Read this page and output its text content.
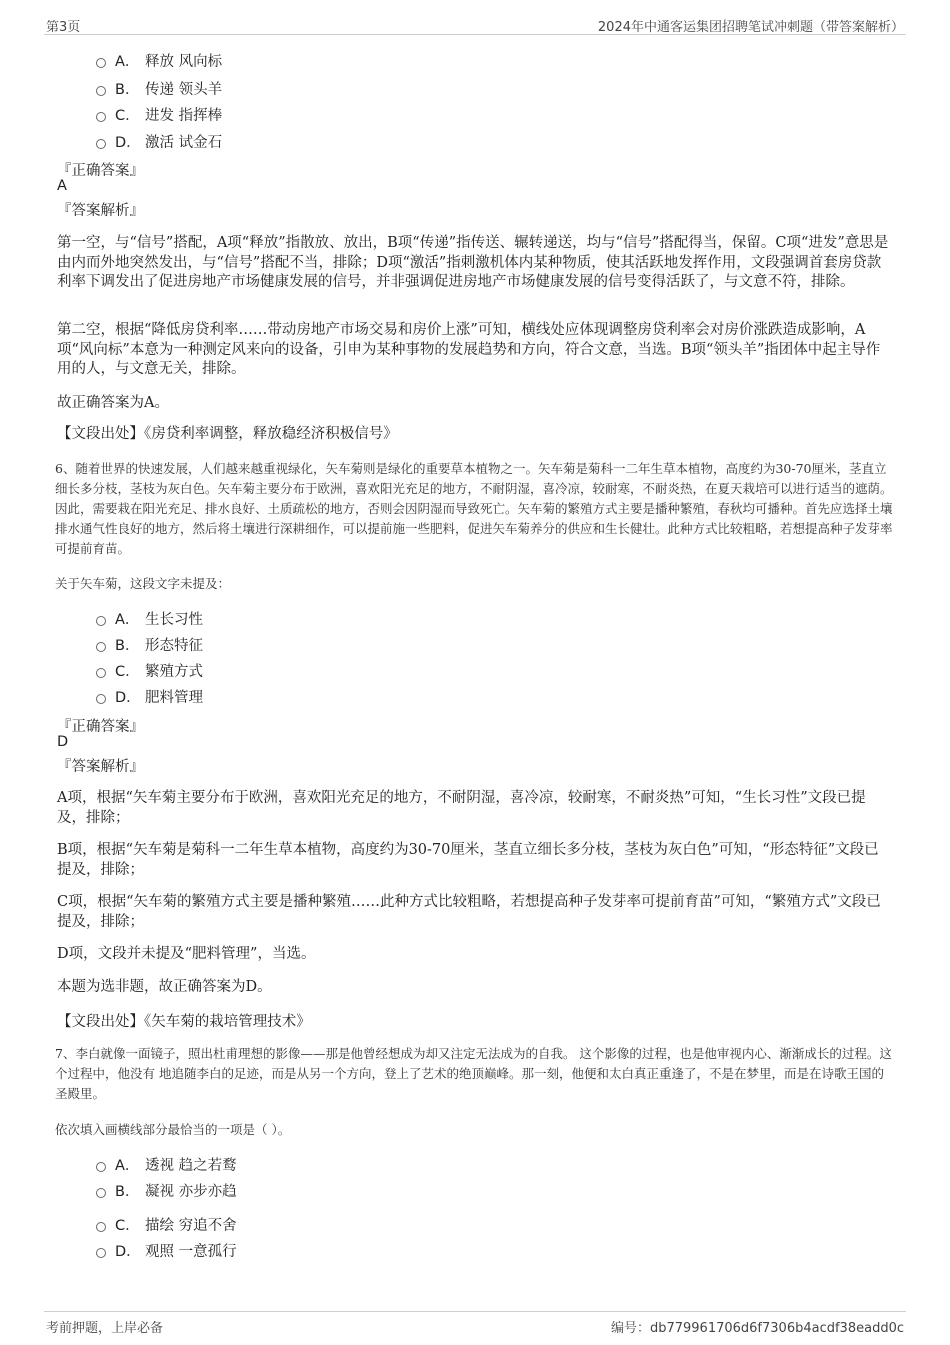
第3页	2024年中通客运集团招聘笔试冲刺题（带答案解析）
A． 释放 风向标
B． 传递 领头羊
C． 进发 指挥棒
D． 激活 试金石
『正确答案』
A
『答案解析』
第一空，与“信号”搭配，A项“释放”指散放、放出，B项“传递”指传送、辗转递送，均与“信号”搭配得当，保留。C项“进发”意思是由内而外地突然发出，与“信号”搭配不当，排除；D项“激活”指刺激机体内某种物质，使其活跃地发挥作用，文段强调首套房贷款利率下调发出了促进房地产市场健康发展的信号，并非强调促进房地产市场健康发展的信号变得活跃了，与文意不符，排除。
第二空，根据“降低房贷利率……带动房地产市场交易和房价上涨”可知，横线处应体现调整房贷利率会对房价涨跌造成影响，A项“风向标”本意为一种测定风来向的设备，引申为某种事物的发展趋势和方向，符合文意，当选。B项“领头羊”指团体中起主导作用的人，与文意无关，排除。
故正确答案为A。
【文段出处】《房贷利率调整，释放稳经济积极信号》
6、随着世界的快速发展，人们越来越重视绿化，矢车菊则是绿化的重要草本植物之一。矢车菊是菊科一二年生草本植物，高度约为30-70厘米，茎直立细长多分枝，茎枝为灰白色。矢车菊主要分布于欧洲，喜欢阳光充足的地方，不耐阴湿，喜冷凉，较耐寒，不耐炎热，在夏天栽培可以进行适当的遮荫。因此，需要栽在阳光充足、排水良好、土质疏松的地方，否则会因阴湿而导致死亡。矢车菊的繁殖方式主要是播种繁殖，春秋均可播种。首先应选择土壤排水通气性良好的地方，然后将土壤进行深耕细作，可以提前施一些肥料，促进矢车菊养分的供应和生长健壮。此种方式比较粗略，若想提高种子发芽率可提前育苗。
关于矢车菊，这段文字未提及：
A． 生长习性
B． 形态特征
C． 繁殖方式
D． 肥料管理
『正确答案』
D
『答案解析』
A项，根据“矢车菊主要分布于欧洲，喜欢阳光充足的地方，不耐阴湿，喜冷凉，较耐寒，不耐炎热”可知，“生长习性”文段已提及，排除；
B项，根据“矢车菊是菊科一二年生草本植物，高度约为30-70厘米，茎直立细长多分枝，茎枝为灰白色”可知，“形态特征”文段已提及，排除；
C项，根据“矢车菊的繁殖方式主要是播种繁殖……此种方式比较粗略，若想提高种子发芽率可提前育苗”可知，“繁殖方式”文段已提及，排除；
D项，文段并未提及“肥料管理”，当选。
本题为选非题，故正确答案为D。
【文段出处】《矢车菊的栽培管理技术》
7、李白就像一面镜子，照出杜甫理想的影像——那是他曾经想成为却又注定无法成为的自我。 这个影像的过程，也是他审视内心、渐渐成长的过程。这个过程中，他没有 地追随李白的足迹，而是从另一个方向，登上了艺术的绝顶巅峰。那一刻，他便和太白真正重逢了，不是在梦里，而是在诗歌王国的圣殿里。
依次填入画横线部分最恰当的一项是（ ）。
A． 透视 趋之若鹜
B． 凝视 亦步亦趋
C． 描绘 穷追不舍
D． 观照 一意孤行
考前押题，上岸必备	编号：db779961706d6f7306b4acdf38eadd0c
